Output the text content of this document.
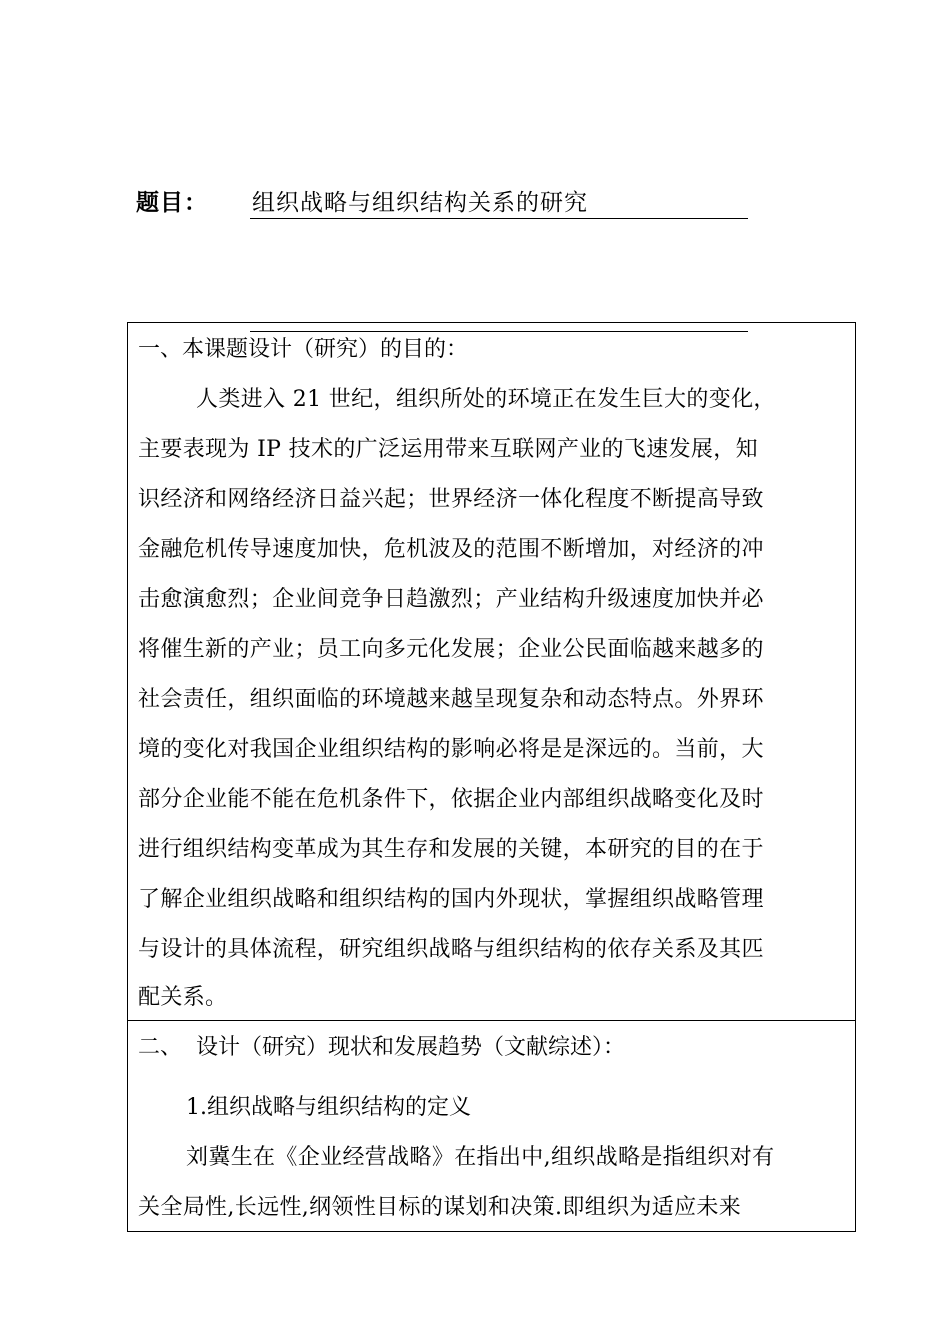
题目： 组织战略与组织结构关系的研究
一、本课题设计（研究）的目的：
人类进入 21 世纪，组织所处的环境正在发生巨大的变化，
主要表现为 IP 技术的广泛运用带来互联网产业的飞速发展，知
识经济和网络经济日益兴起；世界经济一体化程度不断提高导致
金融危机传导速度加快，危机波及的范围不断增加，对经济的冲
击愈演愈烈；企业间竞争日趋激烈；产业结构升级速度加快并必
将催生新的产业；员工向多元化发展；企业公民面临越来越多的
社会责任，组织面临的环境越来越呈现复杂和动态特点。外界环
境的变化对我国企业组织结构的影响必将是是深远的。当前，大
部分企业能不能在危机条件下，依据企业内部组织战略变化及时
进行组织结构变革成为其生存和发展的关键，本研究的目的在于
了解企业组织战略和组织结构的国内外现状，掌握组织战略管理
与设计的具体流程，研究组织战略与组织结构的依存关系及其匹
配关系。
二、  设计（研究）现状和发展趋势（文献综述）：
1.组织战略与组织结构的定义
刘冀生在《企业经营战略》在指出中,组织战略是指组织对有
关全局性,长远性,纲领性目标的谋划和决策.即组织为适应未来
